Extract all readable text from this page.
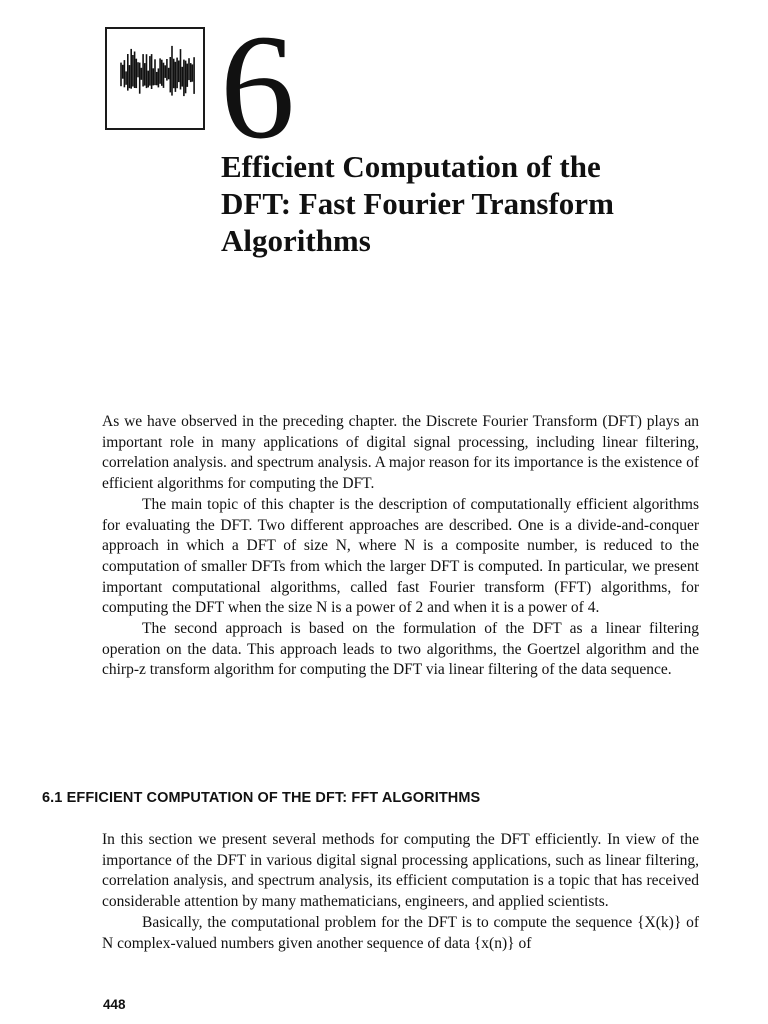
6
Efficient Computation of the
DFT: Fast Fourier Transform
Algorithms

As we have observed in the preceding chapter. the Discrete Fourier Transform (DFT) plays an important role in many applications of digital signal processing, including linear filtering, correlation analysis. and spectrum analysis. A major reason for its importance is the existence of efficient algorithms for computing the DFT.

The main topic of this chapter is the description of computationally efficient algorithms for evaluating the DFT. Two different approaches are described. One is a divide-and-conquer approach in which a DFT of size N, where N is a composite number, is reduced to the computation of smaller DFTs from which the larger DFT is computed. In particular, we present important computational algorithms, called fast Fourier transform (FFT) algorithms, for computing the DFT when the size N is a power of 2 and when it is a power of 4.

The second approach is based on the formulation of the DFT as a linear filtering operation on the data. This approach leads to two algorithms, the Goertzel algorithm and the chirp-z transform algorithm for computing the DFT via linear filtering of the data sequence.

6.1 EFFICIENT COMPUTATION OF THE DFT: FFT ALGORITHMS

In this section we present several methods for computing the DFT efficiently. In view of the importance of the DFT in various digital signal processing applications, such as linear filtering, correlation analysis, and spectrum analysis, its efficient computation is a topic that has received considerable attention by many mathematicians, engineers, and applied scientists.

Basically, the computational problem for the DFT is to compute the sequence {X(k)} of N complex-valued numbers given another sequence of data {x(n)} of

448
